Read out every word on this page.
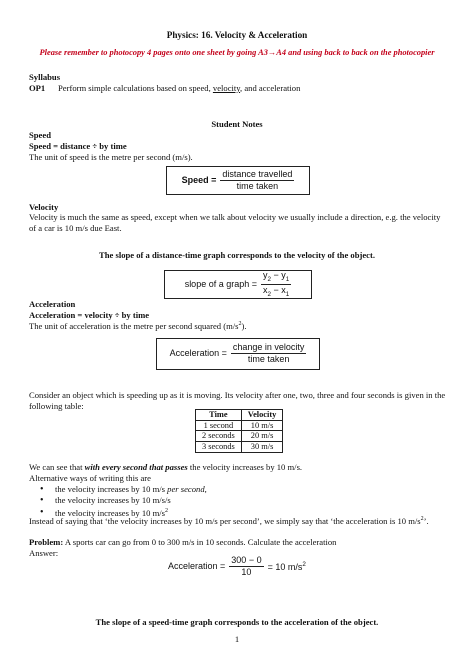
Physics: 16. Velocity & Acceleration
Please remember to photocopy 4 pages onto one sheet by going A3→A4 and using back to back on the photocopier
Syllabus
OP1 Perform simple calculations based on speed, velocity, and acceleration
Student Notes
Speed
Speed = distance ÷ by time
The unit of speed is the metre per second (m/s).
Speed = $\frac{\text{distance travelled}}{\text{time taken}}$
Velocity
Velocity is much the same as speed, except when we talk about velocity we usually include a direction, e.g. the velocity of a car is 10 m/s due East.
The slope of a distance-time graph corresponds to the velocity of the object.
slope of a graph = $\frac{y_2 - y_1}{x_2 - x_1}$
Acceleration
Acceleration = velocity ÷ by time
The unit of acceleration is the metre per second squared $(m/s^2)$.
Acceleration = $\frac{\text{change in velocity}}{\text{time taken}}$
Consider an object which is speeding up as it is moving. Its velocity after one, two, three and four seconds is given in the following table:
Time	Velocity
1 second	10 m/s
2 seconds	20 m/s
3 seconds	30 m/s
We can see that with every second that passes the velocity increases by 10 m/s.
Alternative ways of writing this are
• the velocity increases by 10 m/s per second,
• the velocity increases by 10 m/s/s
• the velocity increases by 10 $m/s^2$
Instead of saying that ‘the velocity increases by 10 m/s per second’, we simply say that ‘the acceleration is 10 $m/s^2$’.
Problem: A sports car can go from 0 to 300 m/s in 10 seconds. Calculate the acceleration
Answer:
Acceleration = $\frac{300 - 0}{10} = 10$ $m/s^2$
The slope of a speed-time graph corresponds to the acceleration of the object.
1
